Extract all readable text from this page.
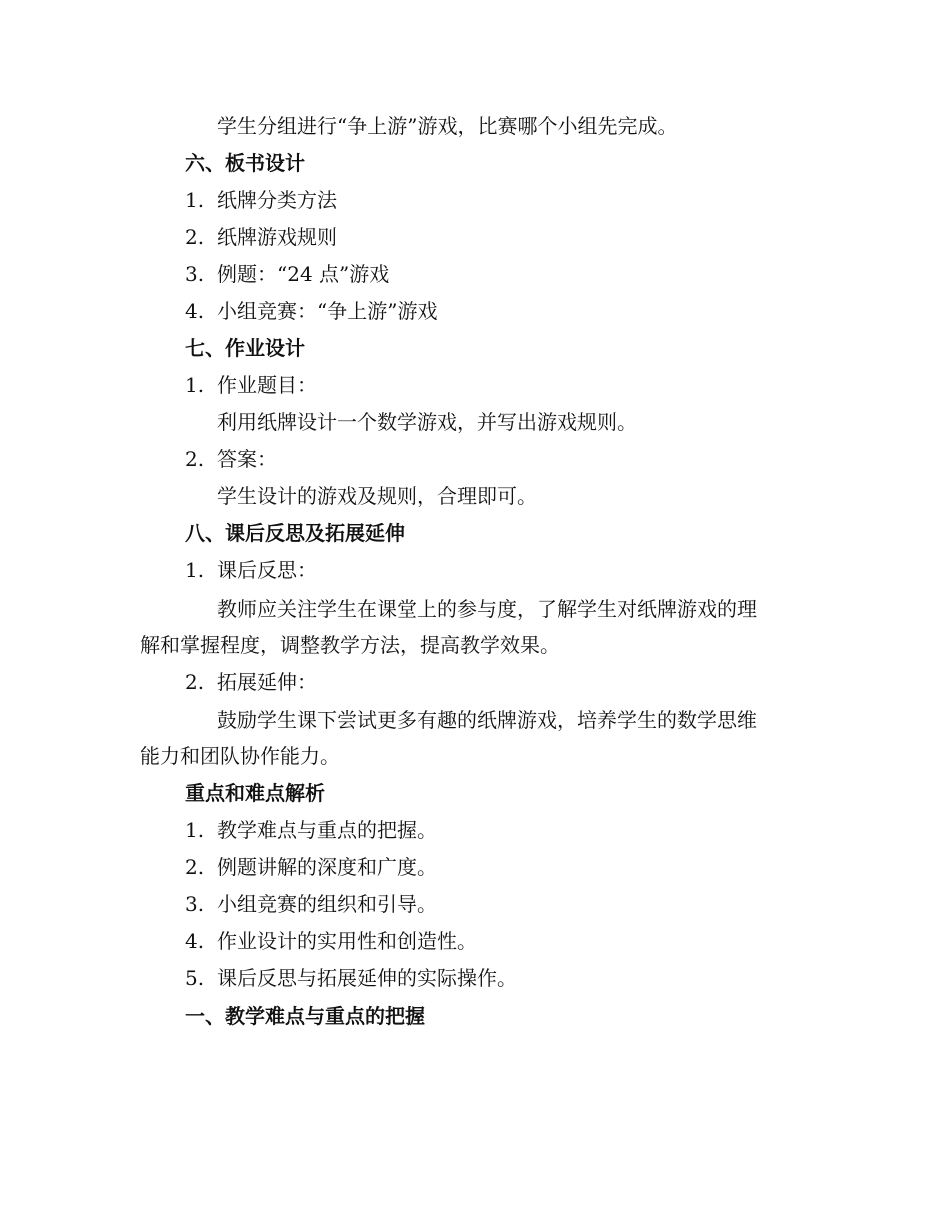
学生分组进行“争上游”游戏，比赛哪个小组先完成。
六、板书设计
1. 纸牌分类方法
2. 纸牌游戏规则
3. 例题：“24 点”游戏
4. 小组竞赛：“争上游”游戏
七、作业设计
1. 作业题目：
利用纸牌设计一个数学游戏，并写出游戏规则。
2. 答案：
学生设计的游戏及规则，合理即可。
八、课后反思及拓展延伸
1. 课后反思：
教师应关注学生在课堂上的参与度，了解学生对纸牌游戏的理
解和掌握程度，调整教学方法，提高教学效果。
2. 拓展延伸：
鼓励学生课下尝试更多有趣的纸牌游戏，培养学生的数学思维
能力和团队协作能力。
重点和难点解析
1. 教学难点与重点的把握。
2. 例题讲解的深度和广度。
3. 小组竞赛的组织和引导。
4. 作业设计的实用性和创造性。
5. 课后反思与拓展延伸的实际操作。
一、教学难点与重点的把握
